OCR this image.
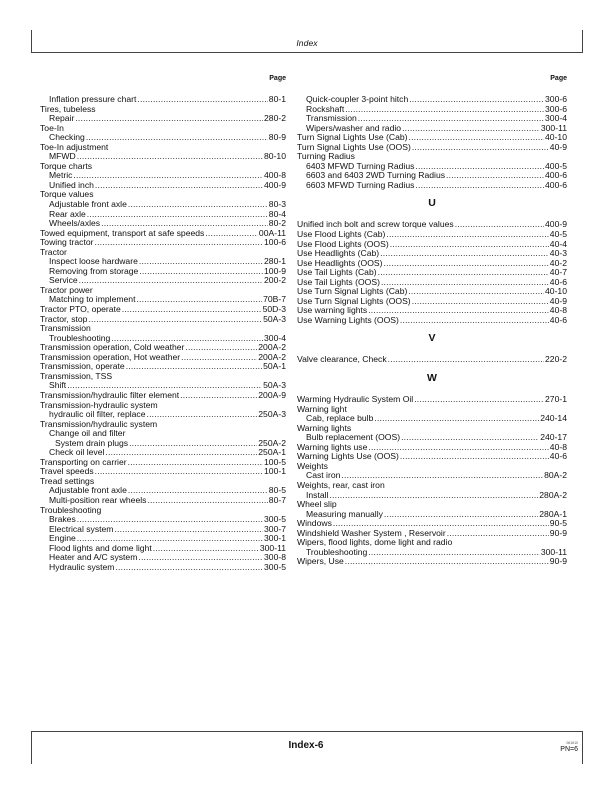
Index
Page
Inflation pressure chart .....	80-1
Tires, tubeless
Repair .....	280-2
Toe-In
Checking .....	80-9
Toe-In adjustment
MFWD .....	80-10
Torque charts
Metric .....	400-8
Unified inch .....	400-9
Torque values
Adjustable front axle .....	80-3
Rear axle .....	80-4
Wheels/axles .....	80-2
Towed equipment, transport at safe speeds .....	00A-11
Towing tractor .....	100-6
Tractor
Inspect loose hardware .....	280-1
Removing from storage .....	100-9
Service .....	200-2
Tractor power
Matching to implement .....	70B-7
Tractor PTO, operate .....	50D-3
Tractor, stop .....	50A-3
Transmission
Troubleshooting .....	300-4
Transmission operation, Cold weather .....	200A-2
Transmission operation, Hot weather .....	200A-2
Transmission, operate .....	50A-1
Transmission, TSS
Shift .....	50A-3
Transmission/hydraulic filter element .....	200A-9
Transmission-hydraulic system
hydraulic oil filter, replace .....	250A-3
Transmission/hydraulic system
Change oil and filter
System drain plugs .....	250A-2
Check oil level .....	250A-1
Transporting on carrier .....	100-5
Travel speeds .....	100-1
Tread settings
Adjustable front axle .....	80-5
Multi-position rear wheels .....	80-7
Troubleshooting
Brakes .....	300-5
Electrical system .....	300-7
Engine .....	300-1
Flood lights and dome light .....	300-11
Heater and A/C system .....	300-8
Hydraulic system .....	300-5
Page
Quick-coupler 3-point hitch .....	300-6
Rockshaft .....	300-6
Transmission .....	300-4
Wipers/washer and radio .....	300-11
Turn Signal Lights Use (Cab) .....	40-10
Turn Signal Lights Use (OOS) .....	40-9
Turning Radius
6403 MFWD Turning Radius .....	400-5
6603 and 6403 2WD Turning Radius .....	400-6
6603 MFWD Turning Radius .....	400-6
U
Unified inch bolt and screw torque values .....	400-9
Use Flood Lights (Cab) .....	40-5
Use Flood Lights (OOS) .....	40-4
Use Headlights (Cab) .....	40-3
Use Headlights (OOS) .....	40-2
Use Tail Lights (Cab) .....	40-7
Use Tail Lights (OOS) .....	40-6
Use Turn Signal Lights (Cab) .....	40-10
Use Turn Signal Lights (OOS) .....	40-9
Use warning lights .....	40-8
Use Warning Lights (OOS) .....	40-6
V
Valve clearance, Check .....	220-2
W
Warming Hydraulic System Oil .....	270-1
Warning light
Cab, replace bulb .....	240-14
Warning lights
Bulb replacement (OOS) .....	240-17
Warning lights use .....	40-8
Warning Lights Use (OOS) .....	40-6
Weights
Cast iron .....	80A-2
Weights, rear, cast iron
Install .....	280A-2
Wheel slip
Measuring manually .....	280A-1
Windows .....	90-5
Windshield Washer System , Reservoir .....	90-9
Wipers, flood lights, dome light and radio
Troubleshooting .....	300-11
Wipers, Use .....	90-9
Index-6	061610
PN=6
